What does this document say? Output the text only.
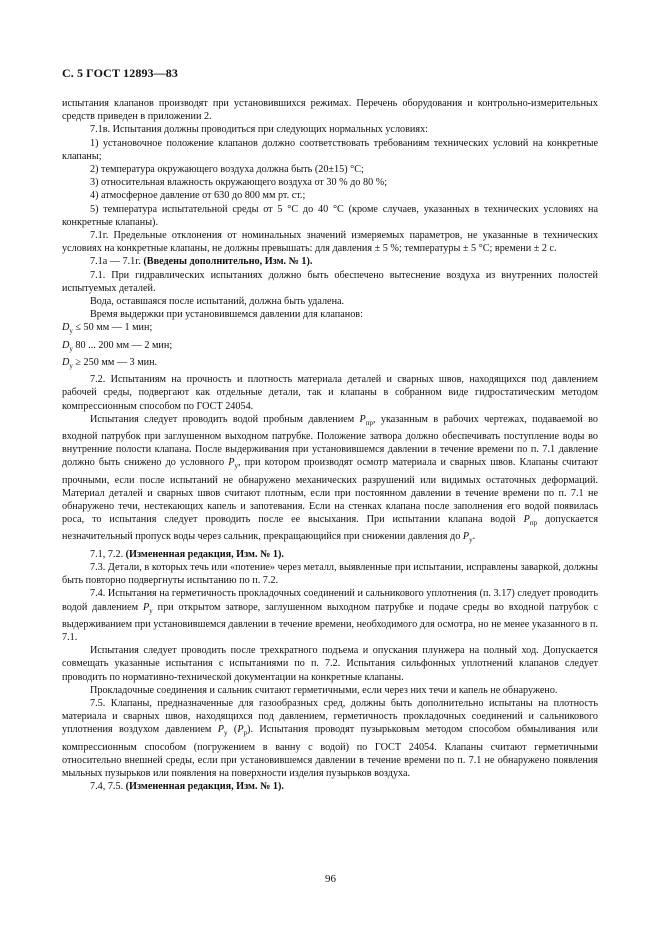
С. 5 ГОСТ 12893—83

испытания клапанов производят при установившихся режимах. Перечень оборудования и контрольно-измерительных средств приведен в приложении 2.

7.1в. Испытания должны проводиться при следующих нормальных условиях:

1) установочное положение клапанов должно соответствовать требованиям технических условий на конкретные клапаны;

2) температура окружающего воздуха должна быть (20±15) °С;

3) относительная влажность окружающего воздуха от 30 % до 80 %;

4) атмосферное давление от 630 до 800 мм рт. ст.;

5) температура испытательной среды от 5 °С до 40 °С (кроме случаев, указанных в технических условиях на конкретные клапаны).

7.1г. Предельные отклонения от номинальных значений измеряемых параметров, не указанные в технических условиях на конкретные клапаны, не должны превышать: для давления ± 5 %; температуры ± 5 °С; времени ± 2 с.

7.1а — 7.1г. (Введены дополнительно, Изм. № 1).

7.1. При гидравлических испытаниях должно быть обеспечено вытеснение воздуха из внутренних полостей испытуемых деталей.

Вода, оставшаяся после испытаний, должна быть удалена.

Время выдержки при установившемся давлении для клапанов:

$D_у \le 50$ мм — 1 мин;

$D_у$ 80 ... 200 мм — 2 мин;

$D_у \ge 250$ мм — 3 мин.

7.2. Испытаниям на прочность и плотность материала деталей и сварных швов, находящихся под давлением рабочей среды, подвергают как отдельные детали, так и клапаны в собранном виде гидростатическим методом компрессионным способом по ГОСТ 24054.

Испытания следует проводить водой пробным давлением $P_{пр}$, указанным в рабочих чертежах, подаваемой во входной патрубок при заглушенном выходном патрубке. Положение затвора должно обеспечивать поступление воды во внутренние полости клапана. После выдерживания при установившемся давлении в течение времени по п. 7.1 давление должно быть снижено до условного $P_у$, при котором производят осмотр материала и сварных швов. Клапаны считают прочными, если после испытаний не обнаружено механических разрушений или видимых остаточных деформаций. Материал деталей и сварных швов считают плотным, если при постоянном давлении в течение времени по п. 7.1 не обнаружено течи, нестекающих капель и запотевания. Если на стенках клапана после заполнения его водой появилась роса, то испытания следует проводить после ее высыхания. При испытании клапана водой $P_{пр}$ допускается незначительный пропуск воды через сальник, прекращающийся при снижении давления до $P_у$.

7.1, 7.2. (Измененная редакция, Изм. № 1).

7.3. Детали, в которых течь или «потение» через металл, выявленные при испытании, исправлены заваркой, должны быть повторно подвергнуты испытанию по п. 7.2.

7.4. Испытания на герметичность прокладочных соединений и сальникового уплотнения (п. 3.17) следует проводить водой давлением $P_у$ при открытом затворе, заглушенном выходном патрубке и подаче среды во входной патрубок с выдерживанием при установившемся давлении в течение времени, необходимого для осмотра, но не менее указанного в п. 7.1.

Испытания следует проводить после трехкратного подъема и опускания плунжера на полный ход. Допускается совмещать указанные испытания с испытаниями по п. 7.2. Испытания сильфонных уплотнений клапанов следует проводить по нормативно-технической документации на конкретные клапаны.

Прокладочные соединения и сальник считают герметичными, если через них течи и капель не обнаружено.

7.5. Клапаны, предназначенные для газообразных сред, должны быть дополнительно испытаны на плотность материала и сварных швов, находящихся под давлением, герметичность прокладочных соединений и сальникового уплотнения воздухом давлением $P_у$ $(P_р)$. Испытания проводят пузырьковым методом способом обмыливания или компрессионным способом (погружением в ванну с водой) по ГОСТ 24054. Клапаны считают герметичными относительно внешней среды, если при установившемся давлении в течение времени по п. 7.1 не обнаружено появления мыльных пузырьков или появления на поверхности изделия пузырьков воздуха.

7.4, 7.5. (Измененная редакция, Изм. № 1).

96
